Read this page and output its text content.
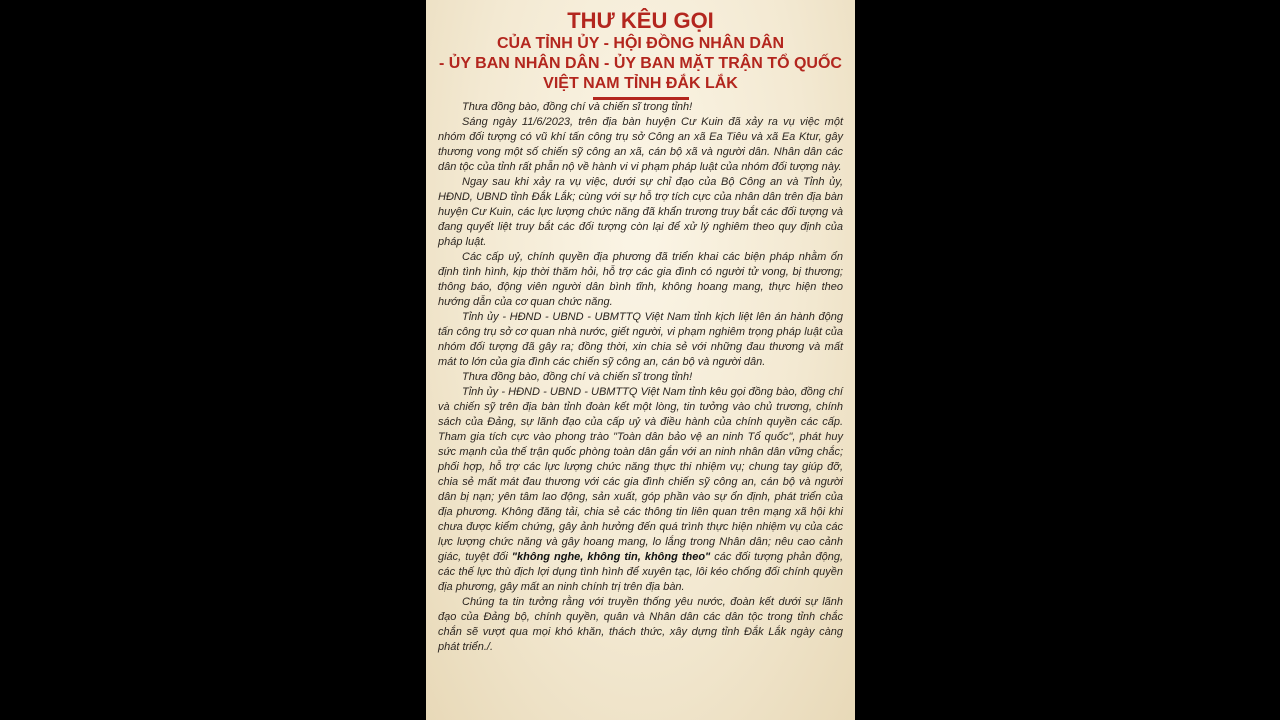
THƯ KÊU GỌI
CỦA TỈNH ỦY - HỘI ĐỒNG NHÂN DÂN
- ỦY BAN NHÂN DÂN - ỦY BAN MẶT TRẬN TỔ QUỐC
VIỆT NAM TỈNH ĐẮK LẮK

Thưa đồng bào, đồng chí và chiến sĩ trong tỉnh!

Sáng ngày 11/6/2023, trên địa bàn huyện Cư Kuin đã xảy ra vụ việc một nhóm đối tượng có vũ khí tấn công trụ sở Công an xã Ea Tiêu và xã Ea Ktur, gây thương vong một số chiến sỹ công an xã, cán bộ xã và người dân. Nhân dân các dân tộc của tỉnh rất phẫn nộ về hành vi vi phạm pháp luật của nhóm đối tượng này.

Ngay sau khi xảy ra vụ việc, dưới sự chỉ đạo của Bộ Công an và Tỉnh ủy, HĐND, UBND tỉnh Đắk Lắk; cùng với sự hỗ trợ tích cực của nhân dân trên địa bàn huyện Cư Kuin, các lực lượng chức năng đã khẩn trương truy bắt các đối tượng và đang quyết liệt truy bắt các đối tượng còn lại để xử lý nghiêm theo quy định của pháp luật.

Các cấp uỷ, chính quyền địa phương đã triển khai các biện pháp nhằm ổn định tình hình, kịp thời thăm hỏi, hỗ trợ các gia đình có người tử vong, bị thương; thông báo, động viên người dân bình tĩnh, không hoang mang, thực hiện theo hướng dẫn của cơ quan chức năng.

Tỉnh ủy - HĐND - UBND - UBMTTQ Việt Nam tỉnh kịch liệt lên án hành động tấn công trụ sở cơ quan nhà nước, giết người, vi phạm nghiêm trọng pháp luật của nhóm đối tượng đã gây ra; đồng thời, xin chia sẻ với những đau thương và mất mát to lớn của gia đình các chiến sỹ công an, cán bộ và người dân.

Thưa đồng bào, đồng chí và chiến sĩ trong tỉnh!

Tỉnh ủy - HĐND - UBND - UBMTTQ Việt Nam tỉnh kêu gọi đồng bào, đồng chí và chiến sỹ trên địa bàn tỉnh đoàn kết một lòng, tin tưởng vào chủ trương, chính sách của Đảng, sự lãnh đạo của cấp uỷ và điều hành của chính quyền các cấp. Tham gia tích cực vào phong trào "Toàn dân bảo vệ an ninh Tổ quốc", phát huy sức mạnh của thế trận quốc phòng toàn dân gắn với an ninh nhân dân vững chắc; phối hợp, hỗ trợ các lực lượng chức năng thực thi nhiệm vụ; chung tay giúp đỡ, chia sẻ mất mát đau thương với các gia đình chiến sỹ công an, cán bộ và người dân bị nạn; yên tâm lao động, sản xuất, góp phần vào sự ổn định, phát triển của địa phương. Không đăng tải, chia sẻ các thông tin liên quan trên mạng xã hội khi chưa được kiểm chứng, gây ảnh hưởng đến quá trình thực hiện nhiệm vụ của các lực lượng chức năng và gây hoang mang, lo lắng trong Nhân dân; nêu cao cảnh giác, tuyệt đối "không nghe, không tin, không theo" các đối tượng phản động, các thế lực thù địch lợi dụng tình hình để xuyên tạc, lôi kéo chống đối chính quyền địa phương, gây mất an ninh chính trị trên địa bàn.

Chúng ta tin tưởng rằng với truyền thống yêu nước, đoàn kết dưới sự lãnh đạo của Đảng bộ, chính quyền, quân và Nhân dân các dân tộc trong tỉnh chắc chắn sẽ vượt qua mọi khó khăn, thách thức, xây dựng tỉnh Đắk Lắk ngày càng phát triển./.
